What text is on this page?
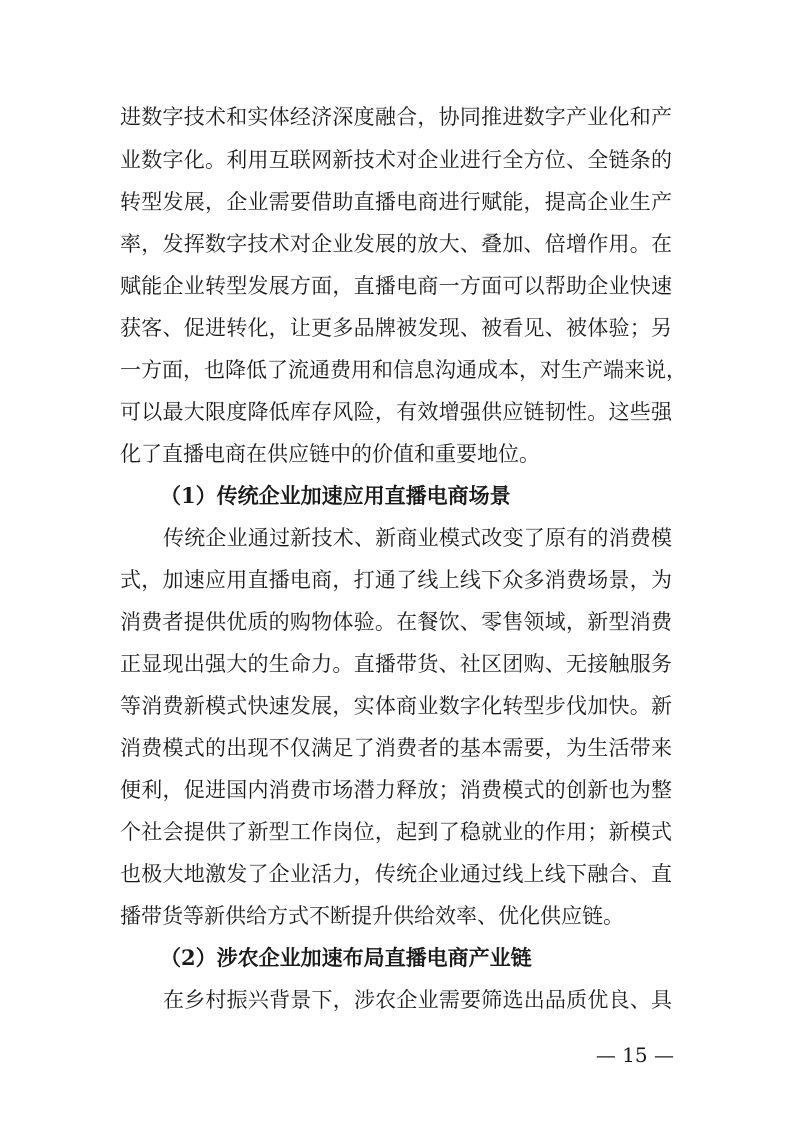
进数字技术和实体经济深度融合，协同推进数字产业化和产
业数字化。利用互联网新技术对企业进行全方位、全链条的
转型发展，企业需要借助直播电商进行赋能，提高企业生产
率，发挥数字技术对企业发展的放大、叠加、倍增作用。在
赋能企业转型发展方面，直播电商一方面可以帮助企业快速
获客、促进转化，让更多品牌被发现、被看见、被体验；另
一方面，也降低了流通费用和信息沟通成本，对生产端来说，
可以最大限度降低库存风险，有效增强供应链韧性。这些强
化了直播电商在供应链中的价值和重要地位。
（1）传统企业加速应用直播电商场景
传统企业通过新技术、新商业模式改变了原有的消费模
式，加速应用直播电商，打通了线上线下众多消费场景，为
消费者提供优质的购物体验。在餐饮、零售领域，新型消费
正显现出强大的生命力。直播带货、社区团购、无接触服务
等消费新模式快速发展，实体商业数字化转型步伐加快。新
消费模式的出现不仅满足了消费者的基本需要，为生活带来
便利，促进国内消费市场潜力释放；消费模式的创新也为整
个社会提供了新型工作岗位，起到了稳就业的作用；新模式
也极大地激发了企业活力，传统企业通过线上线下融合、直
播带货等新供给方式不断提升供给效率、优化供应链。
（2）涉农企业加速布局直播电商产业链
在乡村振兴背景下，涉农企业需要筛选出品质优良、具
— 15 —
